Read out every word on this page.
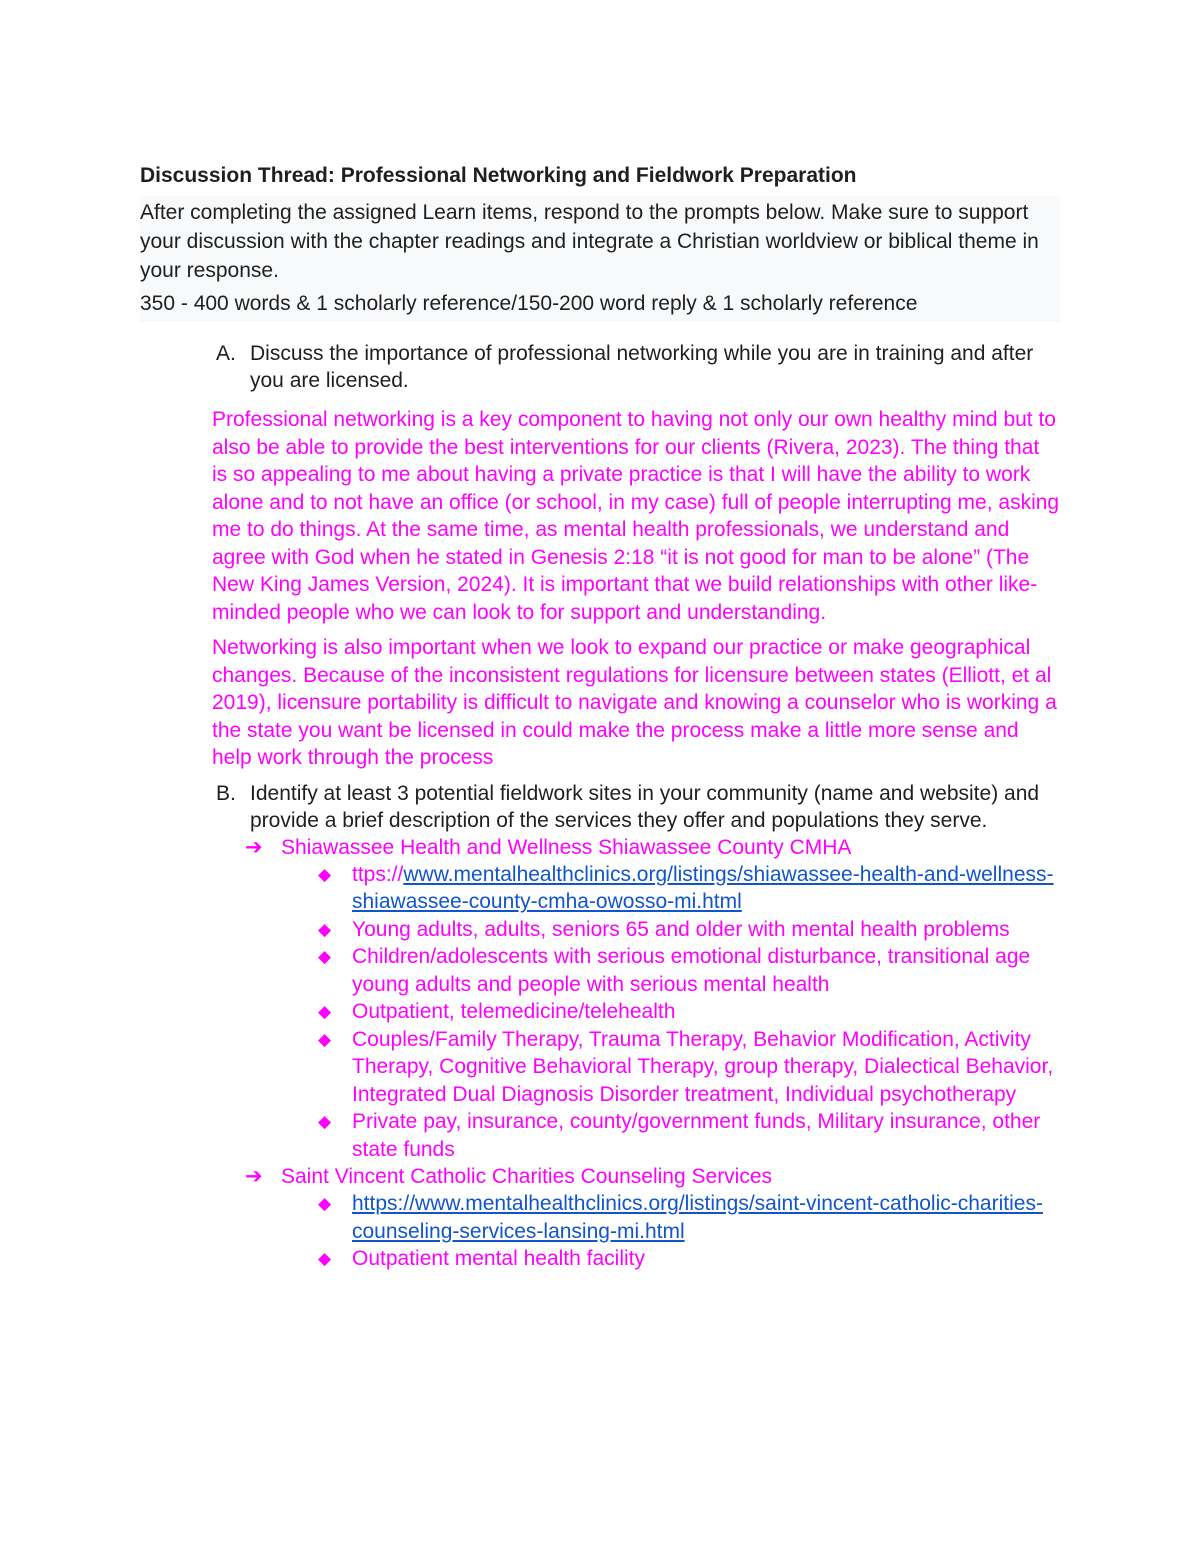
Discussion Thread: Professional Networking and Fieldwork Preparation

After completing the assigned Learn items, respond to the prompts below. Make sure to support your discussion with the chapter readings and integrate a Christian worldview or biblical theme in your response.

350 - 400 words & 1 scholarly reference/150-200 word reply & 1 scholarly reference

A. Discuss the importance of professional networking while you are in training and after you are licensed.

Professional networking is a key component to having not only our own healthy mind but to also be able to provide the best interventions for our clients (Rivera, 2023). The thing that is so appealing to me about having a private practice is that I will have the ability to work alone and to not have an office (or school, in my case) full of people interrupting me, asking me to do things. At the same time, as mental health professionals, we understand and agree with God when he stated in Genesis 2:18 “it is not good for man to be alone” (The New King James Version, 2024). It is important that we build relationships with other like-minded people who we can look to for support and understanding.

Networking is also important when we look to expand our practice or make geographical changes. Because of the inconsistent regulations for licensure between states (Elliott, et al 2019), licensure portability is difficult to navigate and knowing a counselor who is working a the state you want be licensed in could make the process make a little more sense and help work through the process

B. Identify at least 3 potential fieldwork sites in your community (name and website) and provide a brief description of the services they offer and populations they serve.
➔ Shiawassee Health and Wellness Shiawassee County CMHA
◆ ttps://www.mentalhealthclinics.org/listings/shiawassee-health-and-wellness-shiawassee-county-cmha-owosso-mi.html
◆ Young adults, adults, seniors 65 and older with mental health problems
◆ Children/adolescents with serious emotional disturbance, transitional age young adults and people with serious mental health
◆ Outpatient, telemedicine/telehealth
◆ Couples/Family Therapy, Trauma Therapy, Behavior Modification, Activity Therapy, Cognitive Behavioral Therapy, group therapy, Dialectical Behavior, Integrated Dual Diagnosis Disorder treatment, Individual psychotherapy
◆ Private pay, insurance, county/government funds, Military insurance, other state funds
➔ Saint Vincent Catholic Charities Counseling Services
◆ https://www.mentalhealthclinics.org/listings/saint-vincent-catholic-charities-counseling-services-lansing-mi.html
◆ Outpatient mental health facility
